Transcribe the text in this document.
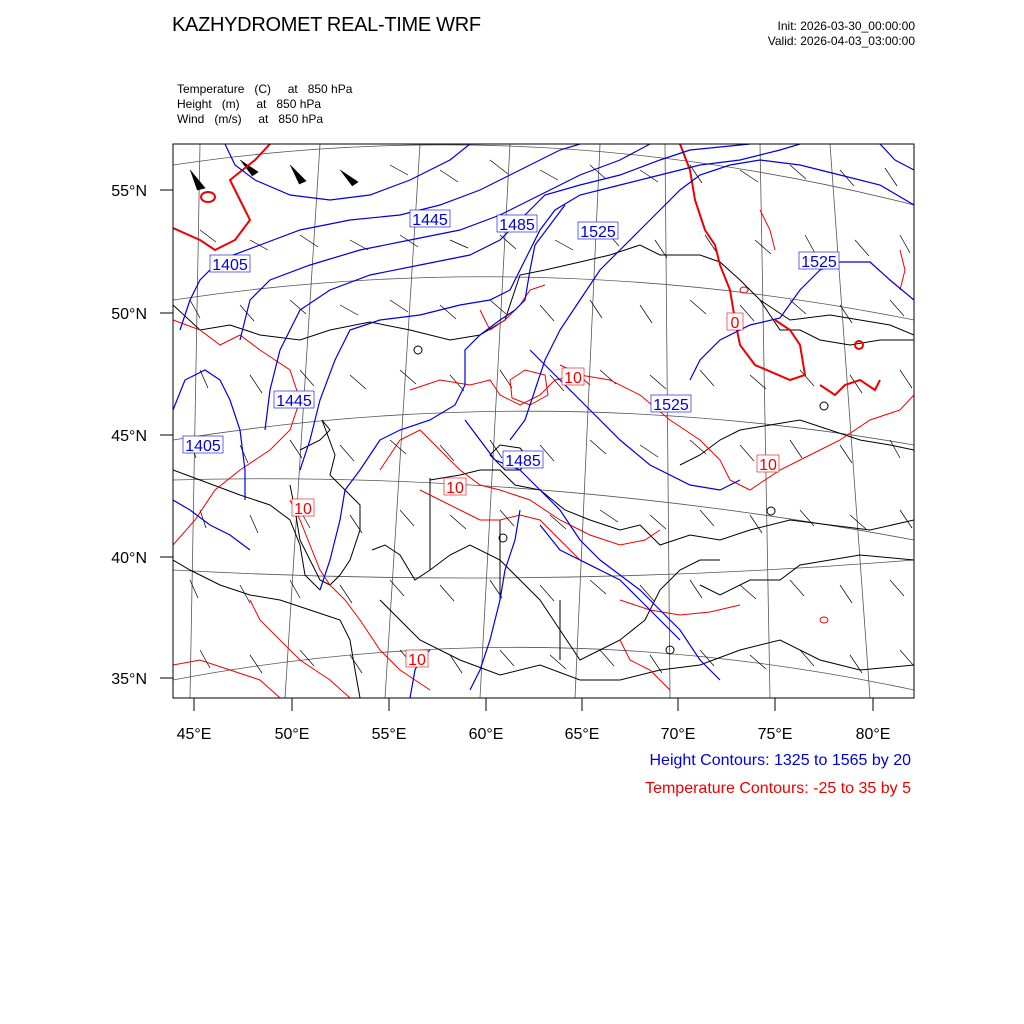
KAZHYDROMET REAL-TIME WRF	Init: 2026-03-30_00:00:00
Valid: 2026-04-03_03:00:00
Temperature   (C)     at   850 hPa
Height   (m)     at   850 hPa
Wind   (m/s)     at   850 hPa
1405
1445	1485	1525
1525
1445
1405
1525
1485
10
0
10
10
10
10
55°N
50°N
45°N
40°N
35°N
45°E	50°E	55°E	60°E	65°E	70°E	75°E	80°E
Height Contours: 1325 to 1565 by 20
Temperature Contours: -25 to 35 by 5
